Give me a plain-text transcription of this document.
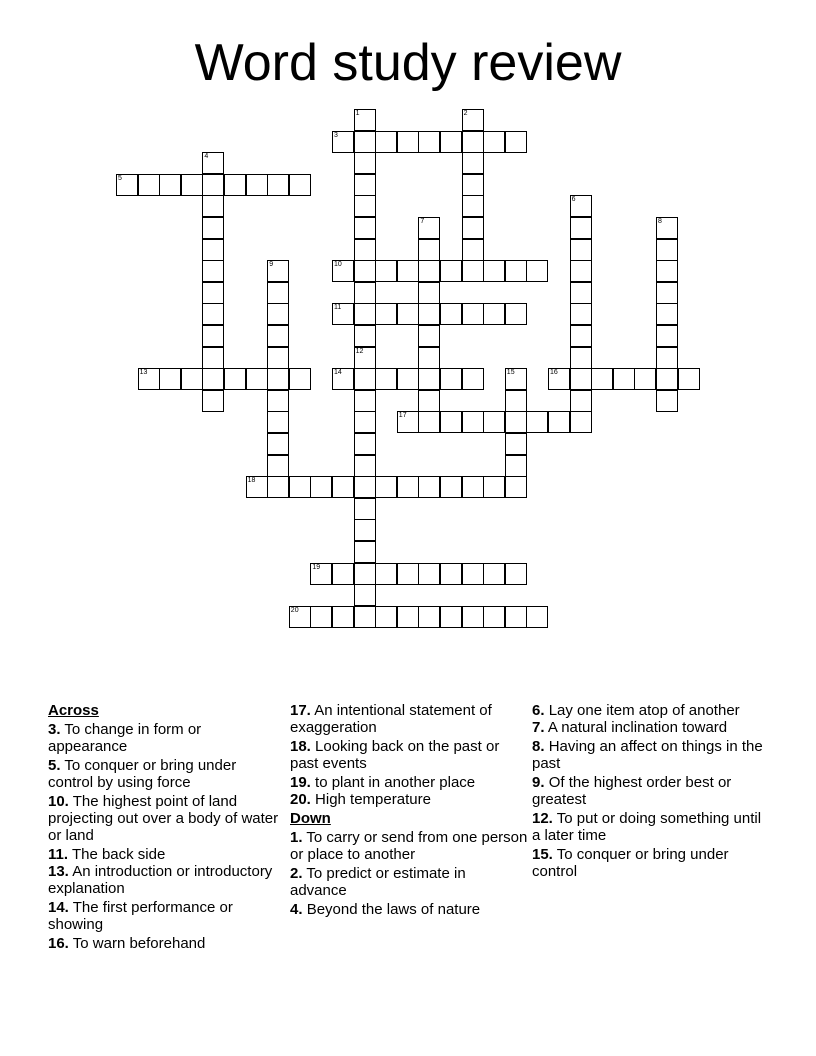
Word study review
1
12
2
3
4
5
6
7	8
9	10
11
13	14	15	16
17
18
19
20
Across
3. To change in form or appearance
5. To conquer or bring under control by using force
10. The highest point of land projecting out over a body of water or land
11. The back side
13. An introduction or introductory explanation
14. The first performance or showing
16. To warn beforehand
17. An intentional statement of exaggeration
18. Looking back on the past or past events
19. to plant in another place
20. High temperature
Down
1. To carry or send from one person or place to another
2. To predict or estimate in advance
4. Beyond the laws of nature
6. Lay one item atop of another
7. A natural inclination toward
8. Having an affect on things in the past
9. Of the highest order best or greatest
12. To put or doing something until a later time
15. To conquer or bring under control
